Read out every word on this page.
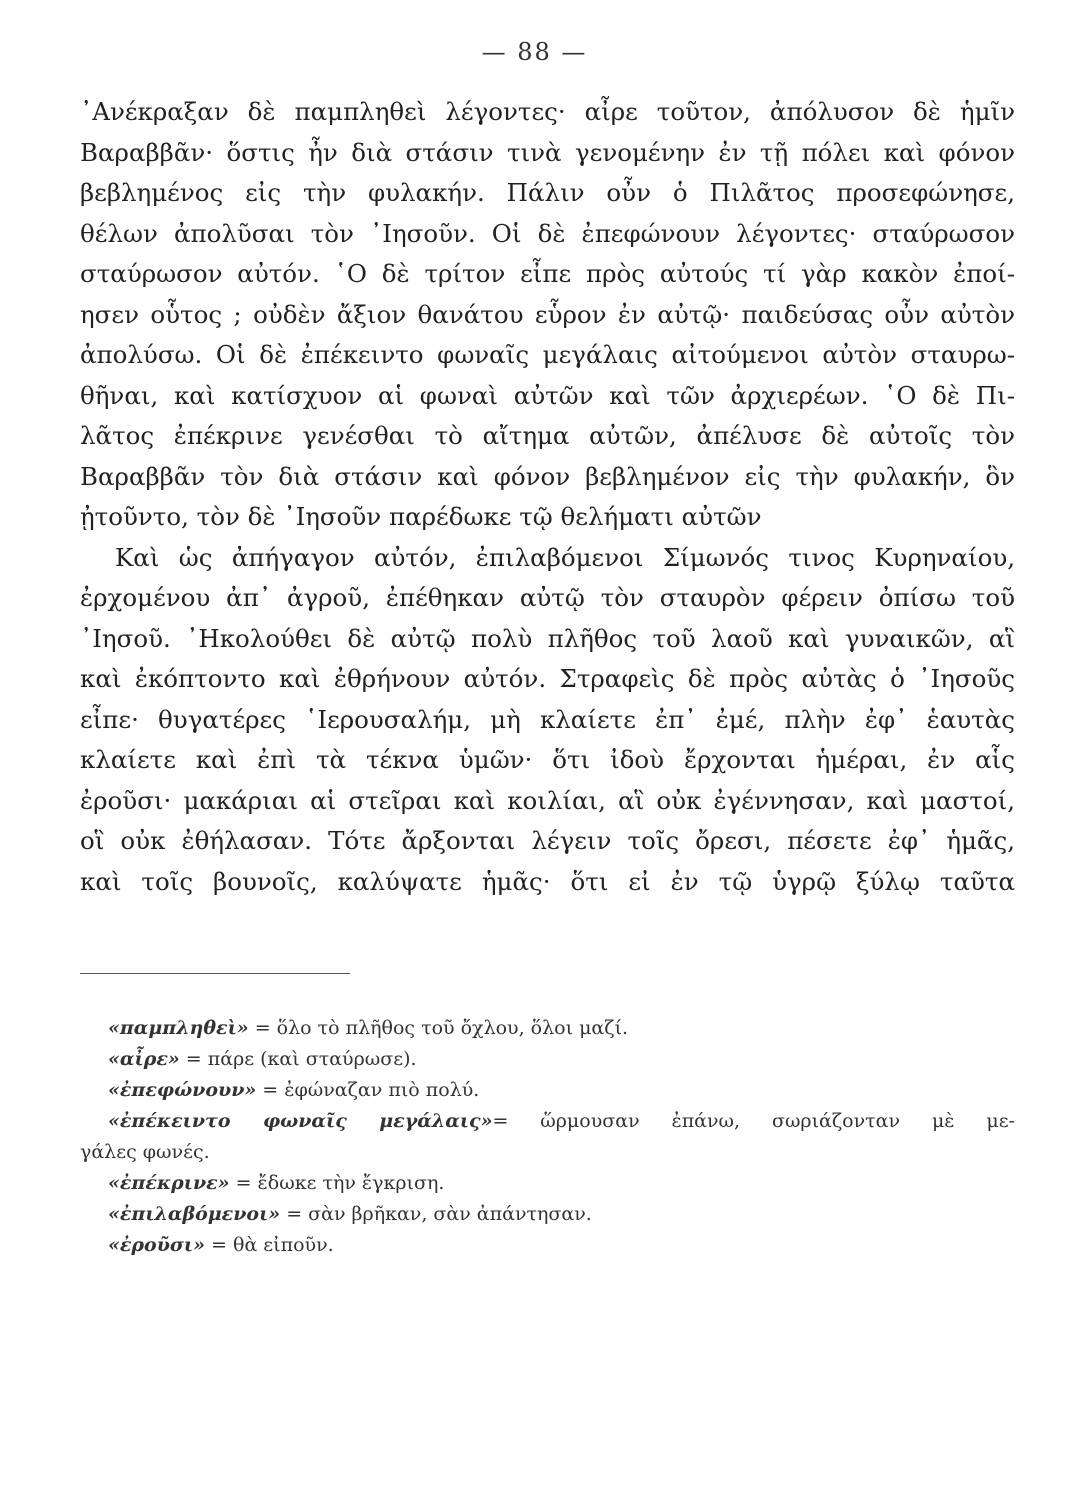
— 88 —
᾿Ανέκραξαν δὲ παμπληθεὶ λέγοντες· αἶρε τοῦτον, ἀπόλυσον δὲ ἡμῖν
Βαραββᾶν· ὅστις ἦν διὰ στάσιν τινὰ γενομένην ἐν τῇ πόλει καὶ φόνον
βεβλημένος εἰς τὴν φυλακήν. Πάλιν οὖν ὁ Πιλᾶτος προσεφώνησε,
θέλων ἀπολῦσαι τὸν ᾿Ιησοῦν. Οἱ δὲ ἐπεφώνουν λέγοντες· σταύρωσον
σταύρωσον αὐτόν. ῾Ο δὲ τρίτον εἶπε πρὸς αὐτούς τί γὰρ κακὸν ἐποί-
ησεν οὗτος ; οὐδὲν ἄξιον θανάτου εὗρον ἐν αὐτῷ· παιδεύσας οὖν αὐτὸν
ἀπολύσω. Οἱ δὲ ἐπέκειντο φωναῖς μεγάλαις αἰτούμενοι αὐτὸν σταυρω-
θῆναι, καὶ κατίσχυον αἱ φωναὶ αὐτῶν καὶ τῶν ἀρχιερέων. ῾Ο δὲ Πι-
λᾶτος ἐπέκρινε γενέσθαι τὸ αἴτημα αὐτῶν, ἀπέλυσε δὲ αὐτοῖς τὸν
Βαραββᾶν τὸν διὰ στάσιν καὶ φόνον βεβλημένον εἰς τὴν φυλακήν, ὃν
ᾐτοῦντο, τὸν δὲ ᾿Ιησοῦν παρέδωκε τῷ θελήματι αὐτῶν
Καὶ ὡς ἀπήγαγον αὐτόν, ἐπιλαβόμενοι Σίμωνός τινος Κυρηναίου,
ἐρχομένου ἀπ᾿ ἀγροῦ, ἐπέθηκαν αὐτῷ τὸν σταυρὸν φέρειν ὀπίσω τοῦ
᾿Ιησοῦ. ᾿Ηκολούθει δὲ αὐτῷ πολὺ πλῆθος τοῦ λαοῦ καὶ γυναικῶν, αἳ
καὶ ἐκόπτοντο καὶ ἐθρήνουν αὐτόν. Στραφεὶς δὲ πρὸς αὐτὰς ὁ ᾿Ιησοῦς
εἶπε· θυγατέρες ῾Ιερουσαλήμ, μὴ κλαίετε ἐπ᾿ ἐμέ, πλὴν ἐφ᾿ ἑαυτὰς
κλαίετε καὶ ἐπὶ τὰ τέκνα ὑμῶν· ὅτι ἰδοὺ ἔρχονται ἡμέραι, ἐν αἷς
ἐροῦσι· μακάριαι αἱ στεῖραι καὶ κοιλίαι, αἳ οὐκ ἐγέννησαν, καὶ μαστοί,
οἳ οὐκ ἐθήλασαν. Τότε ἄρξονται λέγειν τοῖς ὄρεσι, πέσετε ἐφ᾿ ἡμᾶς,
καὶ τοῖς βουνοῖς, καλύψατε ἡμᾶς· ὅτι εἰ ἐν τῷ ὑγρῷ ξύλῳ ταῦτα
«παμπληθεὶ» = ὅλο τὸ πλῆθος τοῦ ὄχλου, ὅλοι μαζί.
«αἶρε» = πάρε (καὶ σταύρωσε).
«ἐπεφώνουν» = ἐφώναζαν πιὸ πολύ.
«ἐπέκειντο φωναῖς μεγάλαις»= ὥρμουσαν ἐπάνω, σωριάζονταν μὲ με-
γάλες φωνές.
«ἐπέκρινε» = ἔδωκε τὴν ἔγκριση.
«ἐπιλαβόμενοι» = σὰν βρῆκαν, σὰν ἀπάντησαν.
«ἐροῦσι» = θὰ εἰποῦν.
